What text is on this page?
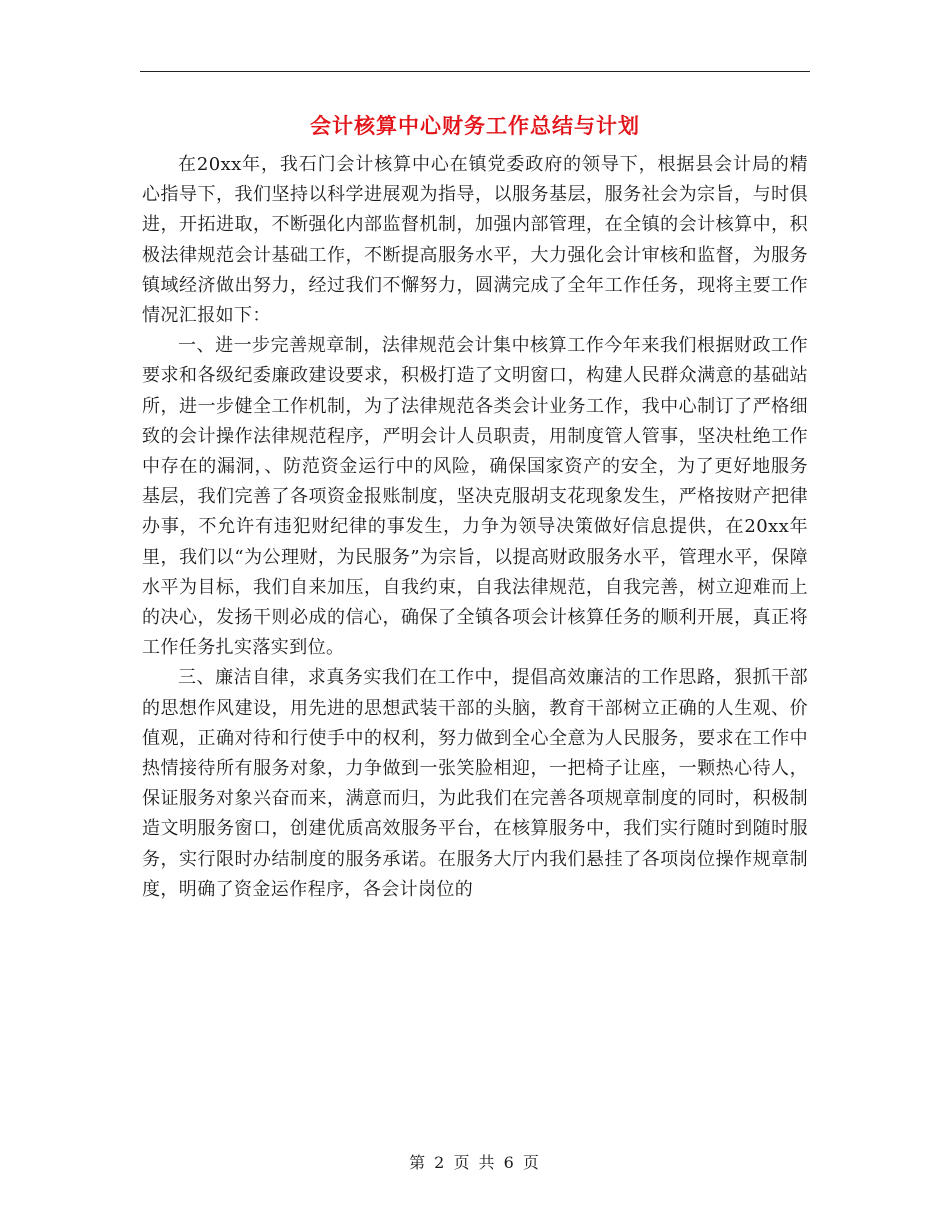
会计核算中心财务工作总结与计划

在20xx年，我石门会计核算中心在镇党委政府的领导下，根据县会计局的精心指导下，我们坚持以科学进展观为指导，以服务基层，服务社会为宗旨，与时俱进，开拓进取，不断强化内部监督机制，加强内部管理，在全镇的会计核算中，积极法律规范会计基础工作，不断提高服务水平，大力强化会计审核和监督，为服务镇域经济做出努力，经过我们不懈努力，圆满完成了全年工作任务，现将主要工作情况汇报如下：

一、进一步完善规章制，法律规范会计集中核算工作今年来我们根据财政工作要求和各级纪委廉政建设要求，积极打造了文明窗口，构建人民群众满意的基础站所，进一步健全工作机制，为了法律规范各类会计业务工作，我中心制订了严格细致的会计操作法律规范程序，严明会计人员职责，用制度管人管事，坚决杜绝工作中存在的漏洞，、防范资金运行中的风险，确保国家资产的安全，为了更好地服务基层，我们完善了各项资金报账制度，坚决克服胡支花现象发生，严格按财产把律办事，不允许有违犯财纪律的事发生，力争为领导决策做好信息提供，在20xx年里，我们以“为公理财，为民服务”为宗旨，以提高财政服务水平，管理水平，保障水平为目标，我们自来加压，自我约束，自我法律规范，自我完善，树立迎难而上的决心，发扬干则必成的信心，确保了全镇各项会计核算任务的顺利开展，真正将工作任务扎实落实到位。

三、廉洁自律，求真务实我们在工作中，提倡高效廉洁的工作思路，狠抓干部的思想作风建设，用先进的思想武装干部的头脑，教育干部树立正确的人生观、价值观，正确对待和行使手中的权利，努力做到全心全意为人民服务，要求在工作中热情接待所有服务对象，力争做到一张笑脸相迎，一把椅子让座，一颗热心待人，保证服务对象兴奋而来，满意而归，为此我们在完善各项规章制度的同时，积极制造文明服务窗口，创建优质高效服务平台，在核算服务中，我们实行随时到随时服务，实行限时办结制度的服务承诺。在服务大厅内我们悬挂了各项岗位操作规章制度，明确了资金运作程序，各会计岗位的

第 2 页 共 6 页
